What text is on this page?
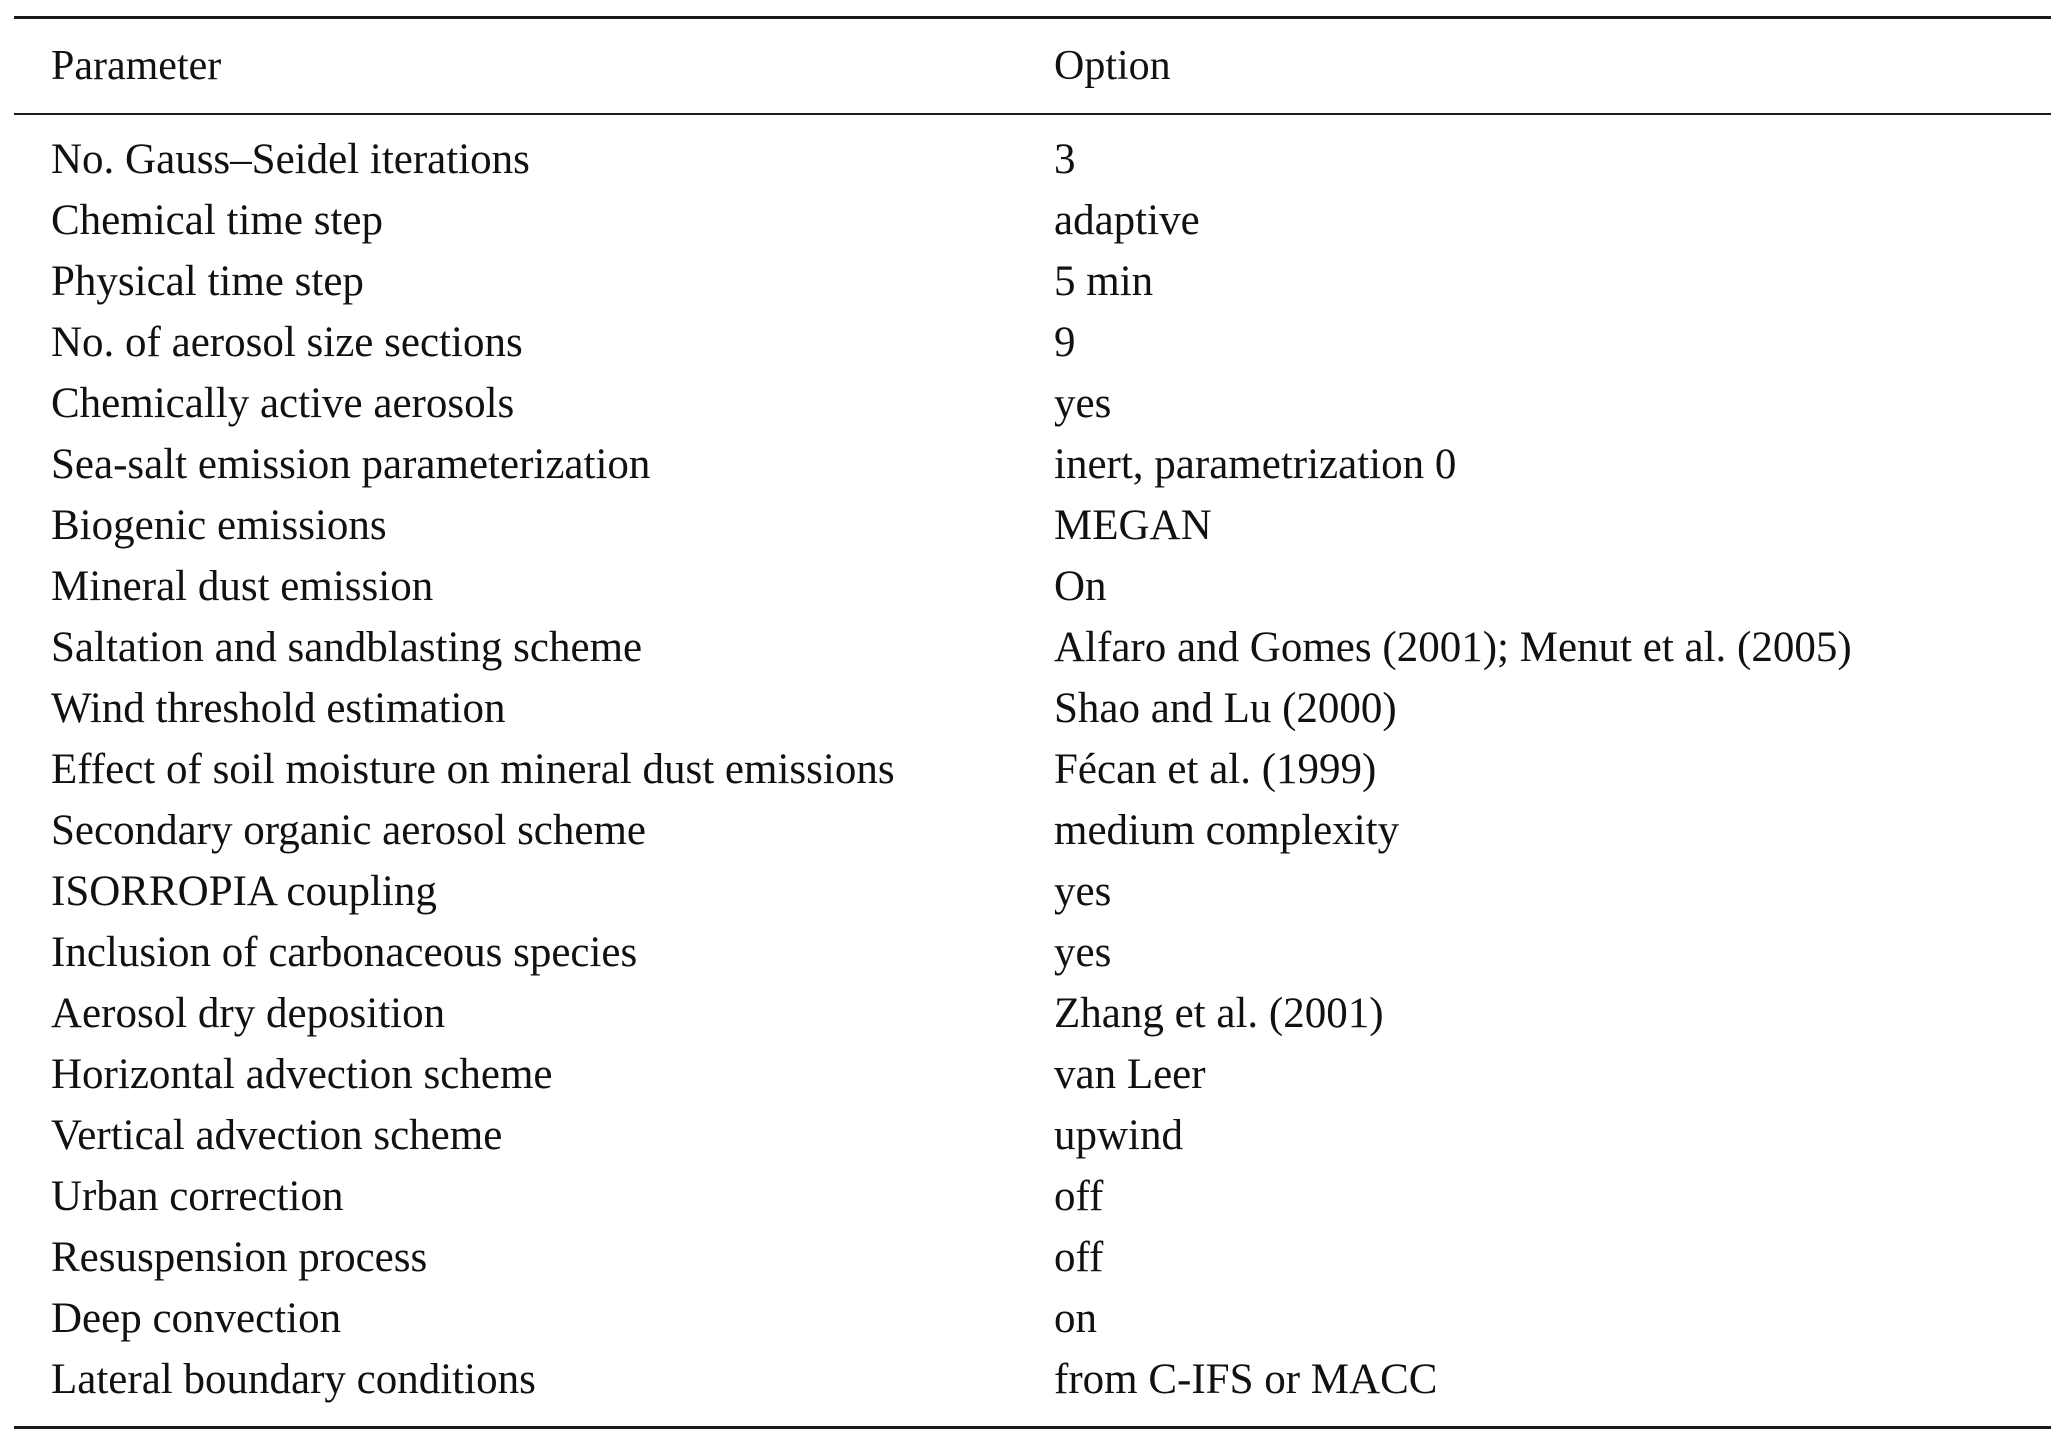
Parameter	Option
No. Gauss–Seidel iterations	3
Chemical time step	adaptive
Physical time step	5 min
No. of aerosol size sections	9
Chemically active aerosols	yes
Sea-salt emission parameterization	inert, parametrization 0
Biogenic emissions	MEGAN
Mineral dust emission	On
Saltation and sandblasting scheme	Alfaro and Gomes (2001); Menut et al. (2005)
Wind threshold estimation	Shao and Lu (2000)
Effect of soil moisture on mineral dust emissions	Fécan et al. (1999)
Secondary organic aerosol scheme	medium complexity
ISORROPIA coupling	yes
Inclusion of carbonaceous species	yes
Aerosol dry deposition	Zhang et al. (2001)
Horizontal advection scheme	van Leer
Vertical advection scheme	upwind
Urban correction	off
Resuspension process	off
Deep convection	on
Lateral boundary conditions	from C-IFS or MACC
